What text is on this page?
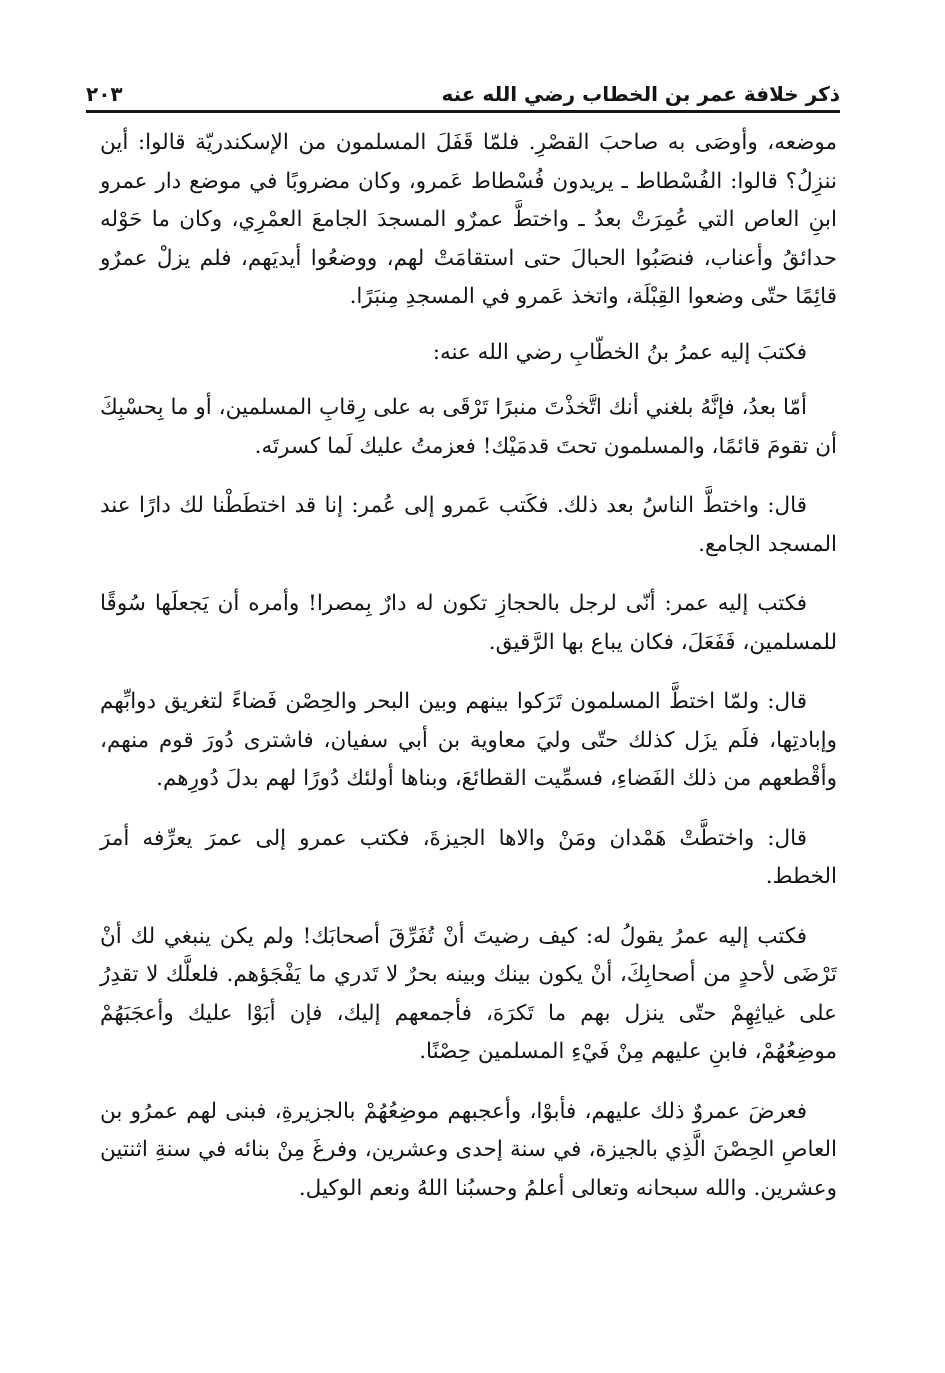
ذكر خلافة عمر بن الخطاب رضي الله عنه
٢٠٣

موضعه، وأوصَى به صاحبَ القصْرِ. فلمّا قَفَلَ المسلمون من الإسكندريّة قالوا: أين ننزِلُ؟ قالوا: الفُسْطاط ـ يريدون فُسْطاط عَمرو، وكان مضروبًا في موضع دار عمرو ابنِ العاص التي عُمِرَتْ بعدُ ـ واختطَّ عمرٌو المسجدَ الجامعَ العمْرِي، وكان ما حَوْله حدائقُ وأعناب، فنصَبُوا الحبالَ حتى استقامَتْ لهم، ووضعُوا أيديَهم، فلم يزلْ عمرٌو قائِمًا حتّى وضعوا القِبْلَة، واتخذ عَمرو في المسجدِ مِنبَرًا.

فكتبَ إليه عمرُ بنُ الخطّابِ رضي الله عنه:

أمّا بعدُ، فإنَّهُ بلغني أنك اتَّخذْتَ منبرًا تَرْقَى به على رِقابِ المسلمين، أو ما بِحسْبِكَ أن تقومَ قائمًا، والمسلمون تحتَ قدمَيْك! فعزمتُ عليك لَما كسرتَه.

قال: واختطَّ الناسُ بعد ذلك. فكَتب عَمرو إلى عُمر: إنا قد اختطَطْنا لك دارًا عند المسجد الجامع.

فكتب إليه عمر: أنّى لرجل بالحجازِ تكون له دارٌ بِمصرا! وأمره أن يَجعلَها سُوقًا للمسلمين، فَفَعَلَ، فكان يباع بها الرَّقيق.

قال: ولمّا اختطَّ المسلمون تَرَكوا بينهم وبين البحر والحِصْن فَضاءً لتغريق دوابِّهم وإبادتِها، فلَم يزَل كذلك حتّى وليَ معاوية بن أبي سفيان، فاشترى دُورَ قوم منهم، وأقْطعهم من ذلك الفَضاءِ، فسمِّيت القطائعَ، وبناها أولئك دُورًا لهم بدلَ دُورِهم.

قال: واختطَّتْ هَمْدان ومَنْ والاها الجيزةَ، فكتب عمرو إلى عمرَ يعرِّفه أمرَ الخطط.

فكتب إليه عمرُ يقولُ له: كيف رضيتَ أنْ تُفَرِّقَ أصحابَك! ولم يكن ينبغي لك أنْ تَرْضَى لأحدٍ من أصحابِكَ، أنْ يكون بينك وبينه بحرٌ لا تَدري ما يَفْجَؤهم. فلعلَّك لا تقدِرُ على غياثِهِمْ حتّى ينزل بهم ما تَكرَهَ، فأجمعهم إليك، فإن أبَوْا عليك وأعجَبَهُمْ موضِعُهُمْ، فابنِ عليهم مِنْ فَيْءِ المسلمين حِصْنًا.

فعرضَ عمروٌ ذلك عليهم، فأبوْا، وأعجبهم موضِعُهُمْ بالجزيرةِ، فبنى لهم عمرُو بن العاصِ الحِصْنَ الَّذِي بالجيزة، في سنة إحدى وعشرين، وفرغَ مِنْ بنائه في سنةِ اثنتين وعشرين. والله سبحانه وتعالى أعلمُ وحسبُنا اللهُ ونعم الوكيل.
